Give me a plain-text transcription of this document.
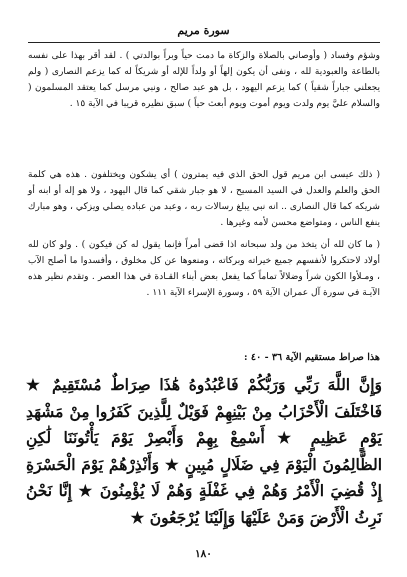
سورة مريم
وشؤم وفساد ( وأوصاني بالصلاة والزكاة ما دمت حياً وبراً بوالدتي ) . لقد أقر بهذا على نفسه بالطاعة والعبودية لله ، ونفى أن يكون إلهاً أو ولداً للإله أو شريكاً له كما يزعم النصارى ( ولم يجعلني جباراً شقياً ) كما يزعم اليهود ، بل هو عبد صالح ، ونبي مرسل كما يعتقد المسلمون ( والسلام عليَّ يوم ولدت ويوم أموت ويوم أبعث حياً ) سبق نظيره قريبا في الآية ١٥ .
( ذلك عيسى ابن مريم قول الحق الذي فيه يمترون ) أي يشكون ويختلفون . هذه هي كلمة الحق والعلم والعدل في السيد المسيح ، لا هو جبار شقي كما قال اليهود ، ولا هو إله أو ابنه أو شريكه كما قال النصارى .. انه نبي يبلغ رسالات ربه ، وعبد من عباده يصلي ويزكي ، وهو مبارك ينفع الناس ، ومتواضع محسن لأمه وغيرها .
( ما كان لله أن يتخذ من ولد سبحانه اذا قضى أمراً فإنما يقول له كن فيكون ) . ولو كان لله أولاد لاحتكروا لأنفسهم جميع خيراته وبركاته ، ومنعوها عن كل مخلوق ، وأفسدوا ما أصلح الآب ، ومـلأوا الكون شراً وضلالاً تماماً كما يفعل بعض أبناء القـادة في هذا العصر . وتقدم نظير هذه الآيـة في سورة آل عمران الآية ٥٩ ، وسورة الإسراء الآية ١١١ .
هذا صراط مستقيم الآية ٣٦ - ٤٠ :
وَإِنَّ اللَّهَ رَبِّي وَرَبُّكُمْ فَاعْبُدُوهُ هَٰذَا صِرَاطٌ مُسْتَقِيمٌ ★ فَاخْتَلَفَ الْأَحْزَابُ مِنْ بَيْنِهِمْ فَوَيْلٌ لِلَّذِينَ كَفَرُوا مِنْ مَشْهَدِ يَوْمٍ عَظِيمٍ ★ أَسْمِعْ بِهِمْ وَأَبْصِرْ يَوْمَ يَأْتُونَنَا لَٰكِنِ الظَّالِمُونَ الْيَوْمَ فِي ضَلَالٍ مُبِينٍ ★ وَأَنْذِرْهُمْ يَوْمَ الْحَسْرَةِ إِذْ قُضِيَ الْأَمْرُ وَهُمْ فِي غَفْلَةٍ وَهُمْ لَا يُؤْمِنُونَ ★ إِنَّا نَحْنُ نَرِثُ الْأَرْضَ وَمَنْ عَلَيْهَا وَإِلَيْنَا يُرْجَعُونَ ★
١٨٠
